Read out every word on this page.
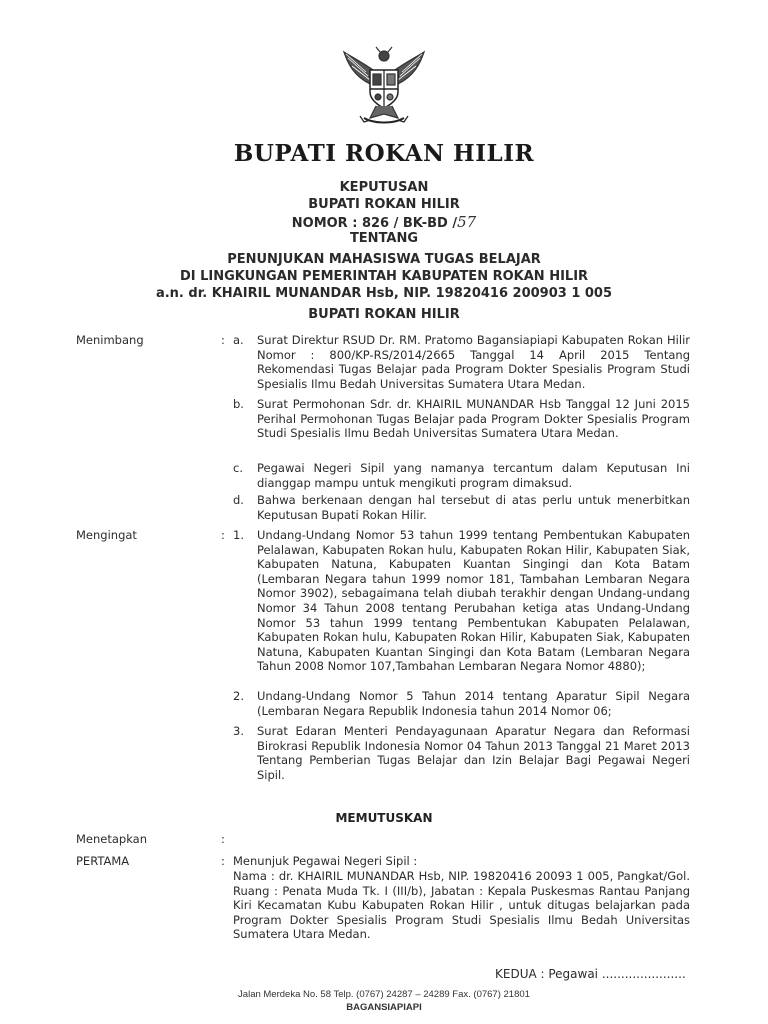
BUPATI ROKAN HILIR
KEPUTUSAN
BUPATI ROKAN HILIR
NOMOR : 826 / BK-BD /57
TENTANG
PENUNJUKAN MAHASISWA TUGAS BELAJAR
DI LINGKUNGAN PEMERINTAH KABUPATEN ROKAN HILIR
a.n. dr. KHAIRIL MUNANDAR Hsb, NIP. 19820416 200903 1 005
BUPATI ROKAN HILIR
Menimbang	: a. Surat Direktur RSUD Dr. RM. Pratomo Bagansiapiapi Kabupaten Rokan Hilir Nomor : 800/KP-RS/2014/2665 Tanggal 14 April 2015 Tentang Rekomendasi Tugas Belajar pada Program Dokter Spesialis Program Studi Spesialis Ilmu Bedah Universitas Sumatera Utara Medan.
b. Surat Permohonan Sdr. dr. KHAIRIL MUNANDAR Hsb Tanggal 12 Juni 2015 Perihal Permohonan Tugas Belajar pada Program Dokter Spesialis Program Studi Spesialis Ilmu Bedah Universitas Sumatera Utara Medan.
c. Pegawai Negeri Sipil yang namanya tercantum dalam Keputusan Ini dianggap mampu untuk mengikuti program dimaksud.
d. Bahwa berkenaan dengan hal tersebut di atas perlu untuk menerbitkan Keputusan Bupati Rokan Hilir.
Mengingat	: 1. Undang-Undang Nomor 53 tahun 1999 tentang Pembentukan Kabupaten Pelalawan, Kabupaten Rokan hulu, Kabupaten Rokan Hilir, Kabupaten Siak, Kabupaten Natuna, Kabupaten Kuantan Singingi dan Kota Batam (Lembaran Negara tahun 1999 nomor 181, Tambahan Lembaran Negara Nomor 3902), sebagaimana telah diubah terakhir dengan Undang-undang Nomor 34 Tahun 2008 tentang Perubahan ketiga atas Undang-Undang Nomor 53 tahun 1999 tentang Pembentukan Kabupaten Pelalawan, Kabupaten Rokan hulu, Kabupaten Rokan Hilir, Kabupaten Siak, Kabupaten Natuna, Kabupaten Kuantan Singingi dan Kota Batam (Lembaran Negara Tahun 2008 Nomor 107,Tambahan Lembaran Negara Nomor 4880);
2. Undang-Undang Nomor 5 Tahun 2014 tentang Aparatur Sipil Negara (Lembaran Negara Republik Indonesia tahun 2014 Nomor 06;
3. Surat Edaran Menteri Pendayagunaan Aparatur Negara dan Reformasi Birokrasi Republik Indonesia Nomor 04 Tahun 2013 Tanggal 21 Maret 2013 Tentang Pemberian Tugas Belajar dan Izin Belajar Bagi Pegawai Negeri Sipil.
MEMUTUSKAN
Menetapkan	:
PERTAMA	: Menunjuk Pegawai Negeri Sipil :
Nama : dr. KHAIRIL MUNANDAR Hsb, NIP. 19820416 20093 1 005, Pangkat/Gol. Ruang : Penata Muda Tk. I (III/b), Jabatan : Kepala Puskesmas Rantau Panjang Kiri Kecamatan Kubu Kabupaten Rokan Hilir , untuk ditugas belajarkan pada Program Dokter Spesialis Program Studi Spesialis Ilmu Bedah Universitas Sumatera Utara Medan.
KEDUA : Pegawai ......................
Jalan Merdeka No. 58 Telp. (0767) 24287 – 24289 Fax. (0767) 21801
BAGANSIAPIAPI
